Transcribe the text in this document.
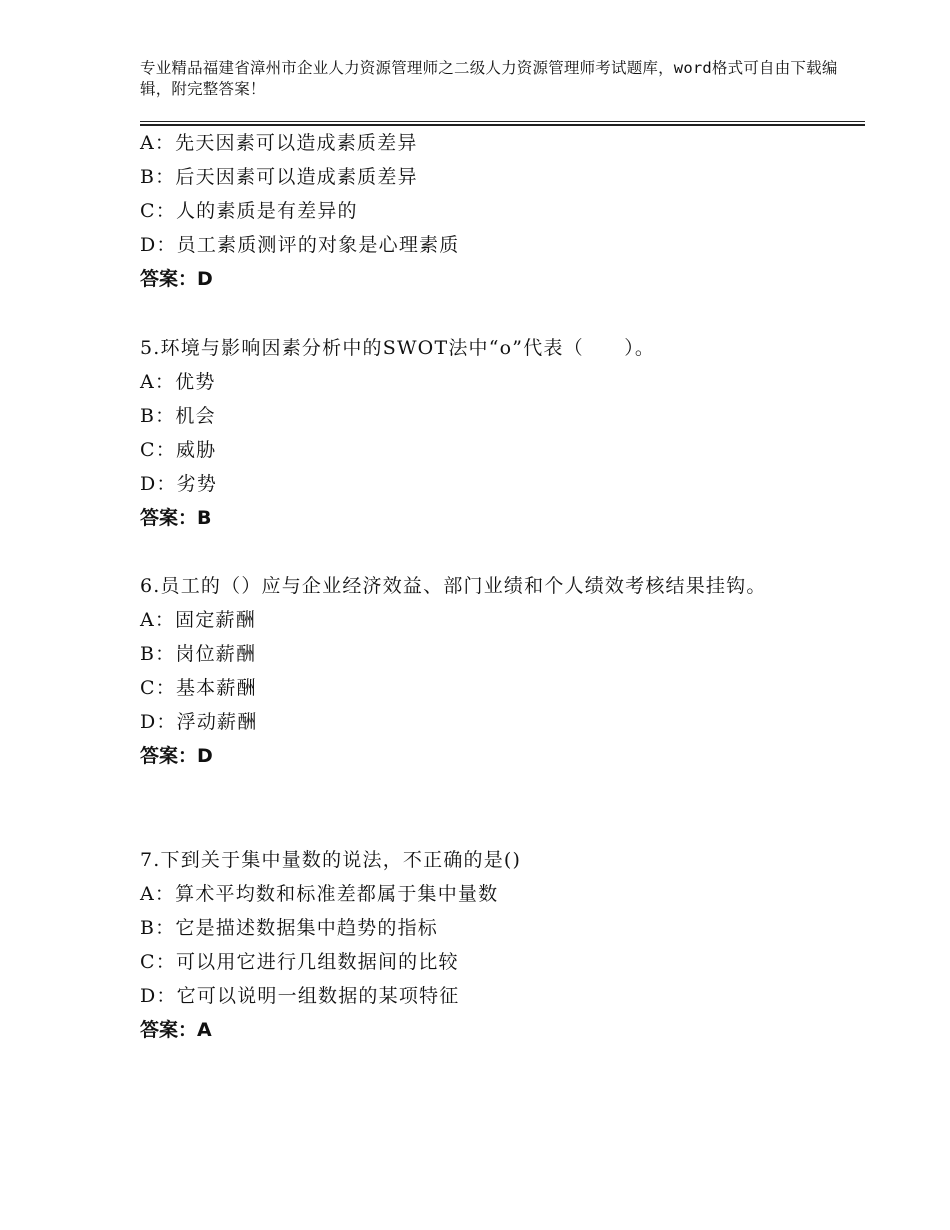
专业精品福建省漳州市企业人力资源管理师之二级人力资源管理师考试题库，word格式可自由下载编辑，附完整答案！
A：先天因素可以造成素质差异
B：后天因素可以造成素质差异
C：人的素质是有差异的
D：员工素质测评的对象是心理素质
答案：D
5.环境与影响因素分析中的SWOT法中“o”代表（　　）。
A：优势
B：机会
C：威胁
D：劣势
答案：B
6.员工的（）应与企业经济效益、部门业绩和个人绩效考核结果挂钩。
A：固定薪酬
B：岗位薪酬
C：基本薪酬
D：浮动薪酬
答案：D
7.下到关于集中量数的说法，不正确的是()
A：算术平均数和标准差都属于集中量数
B：它是描述数据集中趋势的指标
C：可以用它进行几组数据间的比较
D：它可以说明一组数据的某项特征
答案：A
